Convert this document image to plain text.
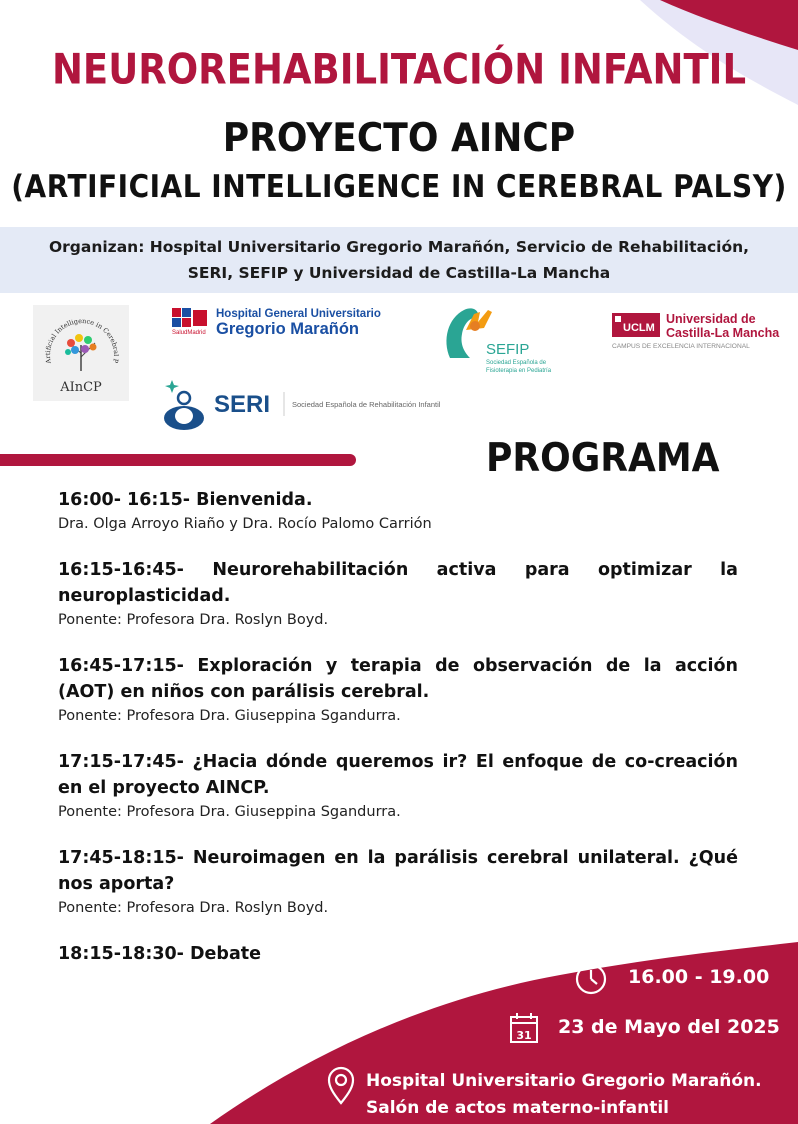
NEUROREHABILITACIÓN INFANTIL
PROYECTO AINCP
(ARTIFICIAL INTELLIGENCE IN CEREBRAL PALSY)
Organizan: Hospital Universitario Gregorio Marañón, Servicio de Rehabilitación,
SERI, SEFIP y Universidad de Castilla-La Mancha
Artificial Intelligence in Cerebral P
AInCP
SaludMadrid
Hospital General Universitario
Gregorio Marañón
SEFIP
Sociedad Española de
Fisioterapia en Pediatría
UCLM
Universidad de
Castilla-La Mancha
CAMPUS DE EXCELENCIA INTERNACIONAL
SERI	Sociedad Española de Rehabilitación Infantil
PROGRAMA
16:00- 16:15- Bienvenida.
Dra. Olga Arroyo Riaño y Dra. Rocío Palomo Carrión
16:15-16:45- Neurorehabilitación activa para optimizar la neuroplasticidad.
Ponente: Profesora Dra. Roslyn Boyd.
16:45-17:15- Exploración y terapia de observación de la acción (AOT) en niños con parálisis cerebral.
Ponente: Profesora Dra. Giuseppina Sgandurra.
17:15-17:45- ¿Hacia dónde queremos ir? El enfoque de co-creación en el proyecto AINCP.
Ponente: Profesora Dra. Giuseppina Sgandurra.
17:45-18:15- Neuroimagen en la parálisis cerebral unilateral. ¿Qué nos aporta?
Ponente: Profesora Dra. Roslyn Boyd.
18:15-18:30- Debate
16.00 - 19.00
31 23 de Mayo del 2025
Hospital Universitario Gregorio Marañón.
Salón de actos materno-infantil
